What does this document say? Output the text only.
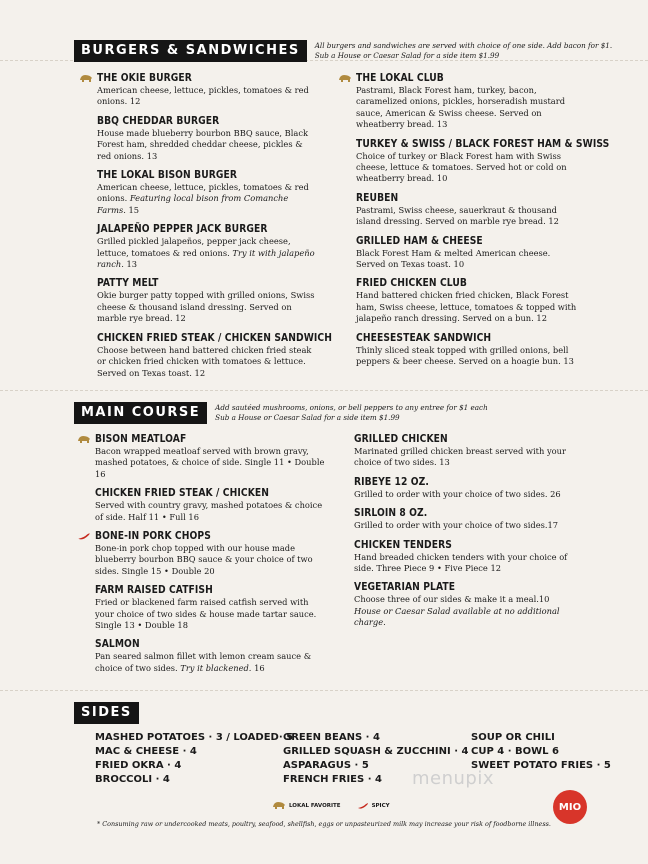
BURGERS & SANDWICHES	All burgers and sandwiches are served with choice of one side. Add bacon for $1.
Sub a House or Caesar Salad for a side item $1.99
THE OKIE BURGER
American cheese, lettuce, pickles, tomatoes & red onions. 12
BBQ CHEDDAR BURGER
House made blueberry bourbon BBQ sauce, Black Forest ham, shredded cheddar cheese, pickles & red onions. 13
THE LOKAL BISON BURGER
American cheese, lettuce, pickles, tomatoes & red onions. Featuring local bison from Comanche Farms. 15
JALAPEÑO PEPPER JACK BURGER
Grilled pickled jalapeños, pepper jack cheese, lettuce, tomatoes & red onions. Try it with jalapeño ranch. 13
PATTY MELT
Okie burger patty topped with grilled onions, Swiss cheese & thousand island dressing. Served on marble rye bread. 12
CHICKEN FRIED STEAK / CHICKEN SANDWICH
Choose between hand battered chicken fried steak or chicken fried chicken with tomatoes & lettuce. Served on Texas toast. 12
THE LOKAL CLUB
Pastrami, Black Forest ham, turkey, bacon, caramelized onions, pickles, horseradish mustard sauce, American & Swiss cheese. Served on wheatberry bread. 13
TURKEY & SWISS / BLACK FOREST HAM & SWISS
Choice of turkey or Black Forest ham with Swiss cheese, lettuce & tomatoes. Served hot or cold on wheatberry bread. 10
REUBEN
Pastrami, Swiss cheese, sauerkraut & thousand island dressing. Served on marble rye bread. 12
GRILLED HAM & CHEESE
Black Forest Ham & melted American cheese. Served on Texas toast. 10
FRIED CHICKEN CLUB
Hand battered chicken fried chicken, Black Forest ham, Swiss cheese, lettuce, tomatoes & topped with jalapeño ranch dressing. Served on a bun. 12
CHEESESTEAK SANDWICH
Thinly sliced steak topped with grilled onions, bell peppers & beer cheese. Served on a hoagie bun. 13
MAIN COURSE	Add sautéed mushrooms, onions, or bell peppers to any entree for $1 each
Sub a House or Caesar Salad for a side item $1.99
BISON MEATLOAF
Bacon wrapped meatloaf served with brown gravy, mashed potatoes, & choice of side. Single 11 • Double 16
CHICKEN FRIED STEAK / CHICKEN
Served with country gravy, mashed potatoes & choice of side. Half 11 • Full 16
BONE-IN PORK CHOPS
Bone-in pork chop topped with our house made blueberry bourbon BBQ sauce & your choice of two sides. Single 15 • Double 20
FARM RAISED CATFISH
Fried or blackened farm raised catfish served with your choice of two sides & house made tartar sauce. Single 13 • Double 18
SALMON
Pan seared salmon fillet with lemon cream sauce & choice of two sides. Try it blackened. 16
GRILLED CHICKEN
Marinated grilled chicken breast served with your choice of two sides. 13
RIBEYE 12 OZ.
Grilled to order with your choice of two sides. 26
SIRLOIN 8 OZ.
Grilled to order with your choice of two sides.17
CHICKEN TENDERS
Hand breaded chicken tenders with your choice of side. Three Piece 9 • Five Piece 12
VEGETARIAN PLATE
Choose three of our sides & make it a meal.10
House or Caesar Salad available at no additional charge.
SIDES
MASHED POTATOES · 3 / LOADED· 5
MAC & CHEESE · 4
FRIED OKRA · 4
BROCCOLI · 4
GREEN BEANS · 4
GRILLED SQUASH & ZUCCHINI · 4
ASPARAGUS · 5
FRENCH FRIES · 4
SOUP OR CHILI
CUP 4 · BOWL 6
SWEET POTATO FRIES · 5
menupix
MIO
LOKAL FAVORITE	SPICY
* Consuming raw or undercooked meats, poultry, seafood, shellfish, eggs or unpasteurized milk may increase your risk of foodborne illness.
